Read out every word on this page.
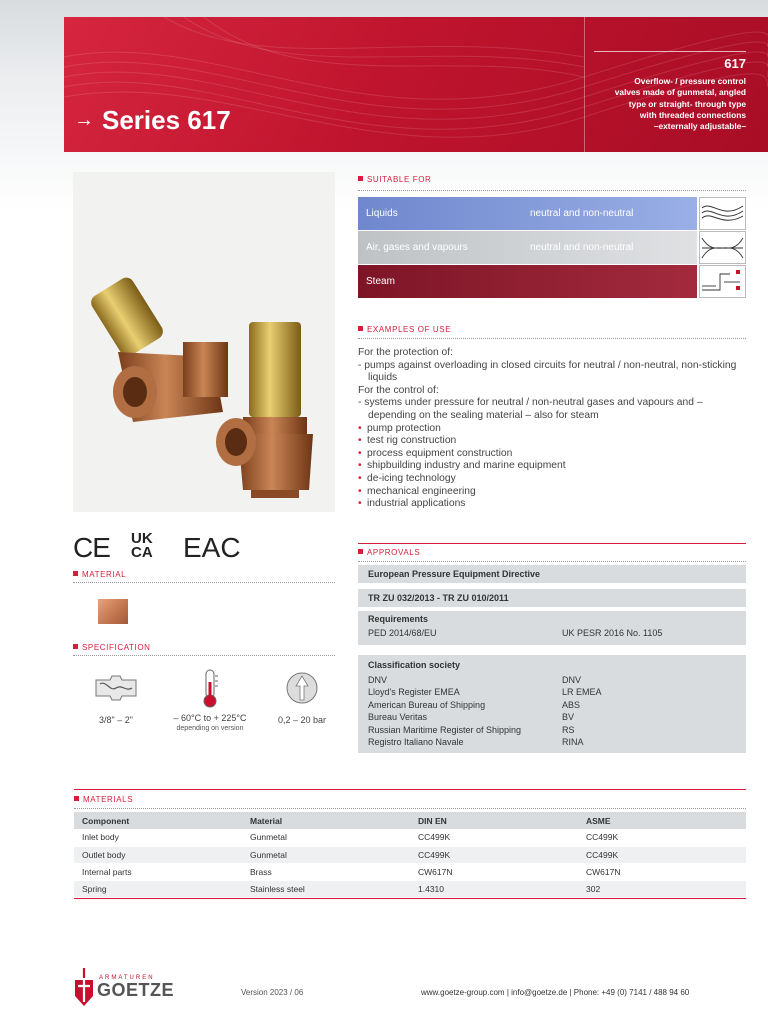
→ Series 617
617
Overflow- / pressure control
valves made of gunmetal, angled
type or straight- through type
with threaded connections
–externally adjustable–
CE UK CA	EAC
MATERIAL
SPECIFICATION
3/8" – 2"	– 60°C to + 225°C
depending on version
0,2 – 20 bar
SUITABLE FOR
Liquids	neutral and non-neutral
Air, gases and vapours	neutral and non-neutral
Steam
EXAMPLES OF USE
For the protection of:
- pumps against overloading in closed circuits for neutral / non-neutral, non-sticking liquids
For the control of:
- systems under pressure for neutral / non-neutral gases and vapours and – depending on the sealing material – also for steam
• pump protection
• test rig construction
• process equipment construction
• shipbuilding industry and marine equipment
• de-icing technology
• mechanical engineering
• industrial applications
APPROVALS
European Pressure Equipment Directive
TR ZU 032/2013 - TR ZU 010/2011
Requirements
PED 2014/68/EU	UK PESR 2016 No. 1105
Classification society
DNV	DNV
Lloyd's Register EMEA	LR EMEA
American Bureau of Shipping	ABS
Bureau Veritas	BV
Russian Maritime Register of Shipping	RS
Registro Italiano Navale	RINA
MATERIALS
Component	Material	DIN EN	ASME
Inlet body	Gunmetal	CC499K	CC499K
Outlet body	Gunmetal	CC499K	CC499K
Internal parts	Brass	CW617N	CW617N
Spring	Stainless steel	1.4310	302
ARMATUREN
GOETZE	Version 2023 / 06	www.goetze-group.com | info@goetze.de | Phone: +49 (0) 7141 / 488 94 60
